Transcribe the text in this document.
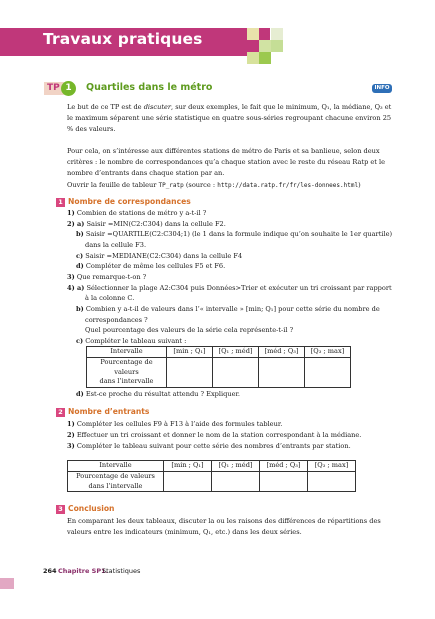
Travaux pratiques
TP 1	Quartiles dans le métro	INFO
Le but de ce TP est de discuter, sur deux exemples, le fait que le minimum, Q₁, la médiane, Q₃ et le maximum séparent une série statistique en quatre sous-séries regroupant chacune environ 25 % des valeurs.
Pour cela, on s’intéresse aux différentes stations de métro de Paris et sa banlieue, selon deux critères : le nombre de correspondances qu’a chaque station avec le reste du réseau Ratp et le nombre d’entrants dans chaque station par an.
Ouvrir la feuille de tableur TP_ratp (source : http://data.ratp.fr/fr/les-donnees.html)
1 Nombre de correspondances
1) Combien de stations de métro y a-t-il ?
2) a) Saisir =MIN(C2:C304) dans la cellule F2.
b) Saisir =QUARTILE(C2:C304;1) (le 1 dans la formule indique qu’on souhaite le 1er quartile)
dans la cellule F3.
c) Saisir =MEDIANE(C2:C304) dans la cellule F4
d) Compléter de même les cellules F5 et F6.
3) Que remarque-t-on ?
4) a) Sélectionner la plage A2:C304 puis Données>Trier et exécuter un tri croissant par rapport
à la colonne C.
b) Combien y a-t-il de valeurs dans l’« intervalle » [min; Q₁] pour cette série du nombre de
correspondances ?
Quel pourcentage des valeurs de la série cela représente-t-il ?
c) Compléter le tableau suivant :
Intervalle	[min ; Q₁]	[Q₁ ; méd]	[méd ; Q₃]	[Q₃ ; max]
Pourcentage de valeurs
dans l’intervalle				
d) Est-ce proche du résultat attendu ? Expliquer.
2 Nombre d’entrants
1) Compléter les cellules F9 à F13 à l’aide des formules tableur.
2) Effectuer un tri croissant et donner le nom de la station correspondant à la médiane.
3) Compléter le tableau suivant pour cette série des nombres d’entrants par station.
Intervalle	[min ; Q₁]	[Q₁ ; méd]	[méd ; Q₃]	[Q₃ ; max]
Pourcentage de valeurs
dans l’intervalle				
3 Conclusion
En comparant les deux tableaux, discuter la ou les raisons des différences de répartitions des
valeurs entre les indicateurs (minimum, Q₁, etc.) dans les deux séries.
264 Chapitre SP1.
Statistiques
